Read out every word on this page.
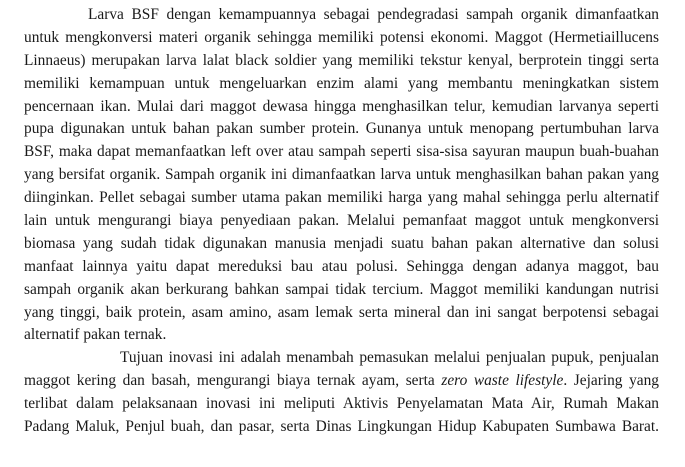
Larva BSF dengan kemampuannya sebagai pendegradasi sampah organik dimanfaatkan
untuk mengkonversi materi organik sehingga memiliki potensi ekonomi. Maggot (Hermetiaillucens
Linnaeus) merupakan larva lalat black soldier yang memiliki tekstur kenyal, berprotein tinggi serta
memiliki kemampuan untuk mengeluarkan enzim alami yang membantu meningkatkan sistem
pencernaan ikan. Mulai dari maggot dewasa hingga menghasilkan telur, kemudian larvanya seperti
pupa digunakan untuk bahan pakan sumber protein. Gunanya untuk menopang pertumbuhan larva
BSF, maka dapat memanfaatkan left over atau sampah seperti sisa-sisa sayuran maupun buah-buahan
yang bersifat organik. Sampah organik ini dimanfaatkan larva untuk menghasilkan bahan pakan yang
diinginkan. Pellet sebagai sumber utama pakan memiliki harga yang mahal sehingga perlu alternatif
lain untuk mengurangi biaya penyediaan pakan. Melalui pemanfaat maggot untuk mengkonversi
biomasa yang sudah tidak digunakan manusia menjadi suatu bahan pakan alternative dan solusi
manfaat lainnya yaitu dapat mereduksi bau atau polusi. Sehingga dengan adanya maggot, bau
sampah organik akan berkurang bahkan sampai tidak tercium. Maggot memiliki kandungan nutrisi
yang tinggi, baik protein, asam amino, asam lemak serta mineral dan ini sangat berpotensi sebagai
alternatif pakan ternak.
Tujuan inovasi ini adalah menambah pemasukan melalui penjualan pupuk, penjualan
maggot kering dan basah, mengurangi biaya ternak ayam, serta zero waste lifestyle. Jejaring yang
terlibat dalam pelaksanaan inovasi ini meliputi Aktivis Penyelamatan Mata Air, Rumah Makan
Padang Maluk, Penjul buah, dan pasar, serta Dinas Lingkungan Hidup Kabupaten Sumbawa Barat.
